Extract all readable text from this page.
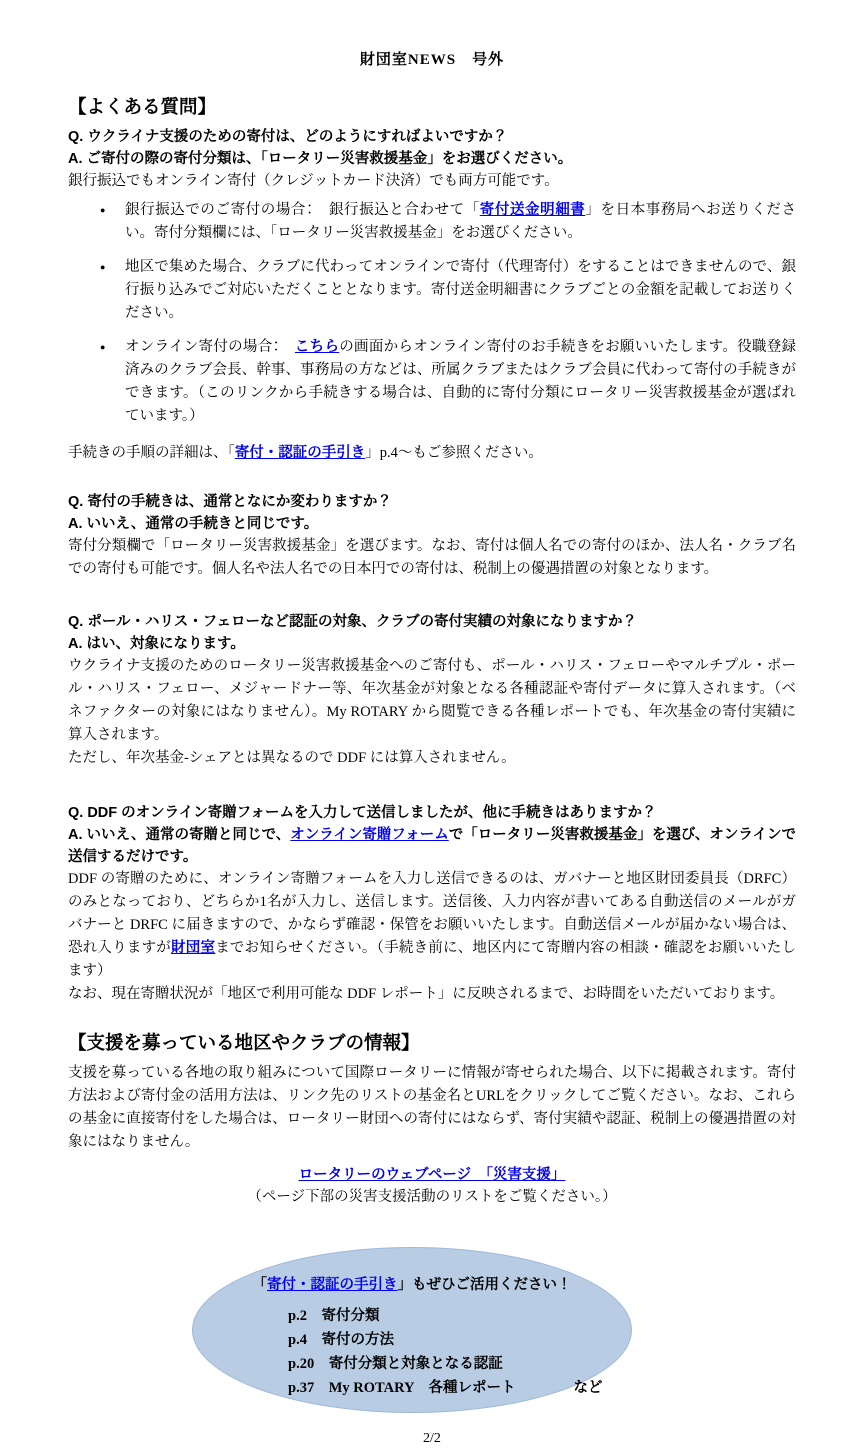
財団室NEWS　号外
【よくある質問】

Q. ウクライナ支援のための寄付は、どのようにすればよいですか？

A. ご寄付の際の寄付分類は、「ロータリー災害救援基金」をお選びください。

銀行振込でもオンライン寄付（クレジットカード決済）でも両方可能です。

●	銀行振込でのご寄付の場合：　銀行振込と合わせて「寄付送金明細書」を日本事務局へお送りください。寄付分類欄には、「ロータリー災害救援基金」をお選びください。

●	地区で集めた場合、クラブに代わってオンラインで寄付（代理寄付）をすることはできませんので、銀行振り込みでご対応いただくこととなります。寄付送金明細書にクラブごとの金額を記載してお送りください。

●	オンライン寄付の場合：　こちらの画面からオンライン寄付のお手続きをお願いいたします。役職登録済みのクラブ会長、幹事、事務局の方などは、所属クラブまたはクラブ会員に代わって寄付の手続きができます。（このリンクから手続きする場合は、自動的に寄付分類にロータリー災害救援基金が選ばれています。）

手続きの手順の詳細は、「寄付・認証の手引き」p.4～もご参照ください。

Q. 寄付の手続きは、通常となにか変わりますか？

A. いいえ、通常の手続きと同じです。

寄付分類欄で「ロータリー災害救援基金」を選びます。なお、寄付は個人名での寄付のほか、法人名・クラブ名での寄付も可能です。個人名や法人名での日本円での寄付は、税制上の優遇措置の対象となります。

Q. ポール・ハリス・フェローなど認証の対象、クラブの寄付実績の対象になりますか？

A. はい、対象になります。

ウクライナ支援のためのロータリー災害救援基金へのご寄付も、ポール・ハリス・フェローやマルチプル・ポール・ハリス・フェロー、メジャードナー等、年次基金が対象となる各種認証や寄付データに算入されます。（ベネファクターの対象にはなりません）。My ROTARY から閲覧できる各種レポートでも、年次基金の寄付実績に算入されます。

ただし、年次基金-シェアとは異なるので DDF には算入されません。

Q. DDF のオンライン寄贈フォームを入力して送信しましたが、他に手続きはありますか？

A. いいえ、通常の寄贈と同じで、オンライン寄贈フォームで「ロータリー災害救援基金」を選び、オンラインで送信するだけです。

DDF の寄贈のために、オンライン寄贈フォームを入力し送信できるのは、ガバナーと地区財団委員長（DRFC）のみとなっており、どちらか1名が入力し、送信します。送信後、入力内容が書いてある自動送信のメールがガバナーと DRFC に届きますので、かならず確認・保管をお願いいたします。自動送信メールが届かない場合は、恐れ入りますが財団室までお知らせください。（手続き前に、地区内にて寄贈内容の相談・確認をお願いいたします）

なお、現在寄贈状況が「地区で利用可能な DDF レポート」に反映されるまで、お時間をいただいております。

【支援を募っている地区やクラブの情報】

支援を募っている各地の取り組みについて国際ロータリーに情報が寄せられた場合、以下に掲載されます。寄付方法および寄付金の活用方法は、リンク先のリストの基金名とURLをクリックしてご覧ください。なお、これらの基金に直接寄付をした場合は、ロータリー財団への寄付にはならず、寄付実績や認証、税制上の優遇措置の対象にはなりません。

ロータリーのウェブページ　「災害支援」

（ページ下部の災害支援活動のリストをご覧ください。）

「寄付・認証の手引き」もぜひご活用ください！
p.2　寄付分類
p.4　寄付の方法
p.20　寄付分類と対象となる認証
p.37　My ROTARY　各種レポート　　　　など
2/2
